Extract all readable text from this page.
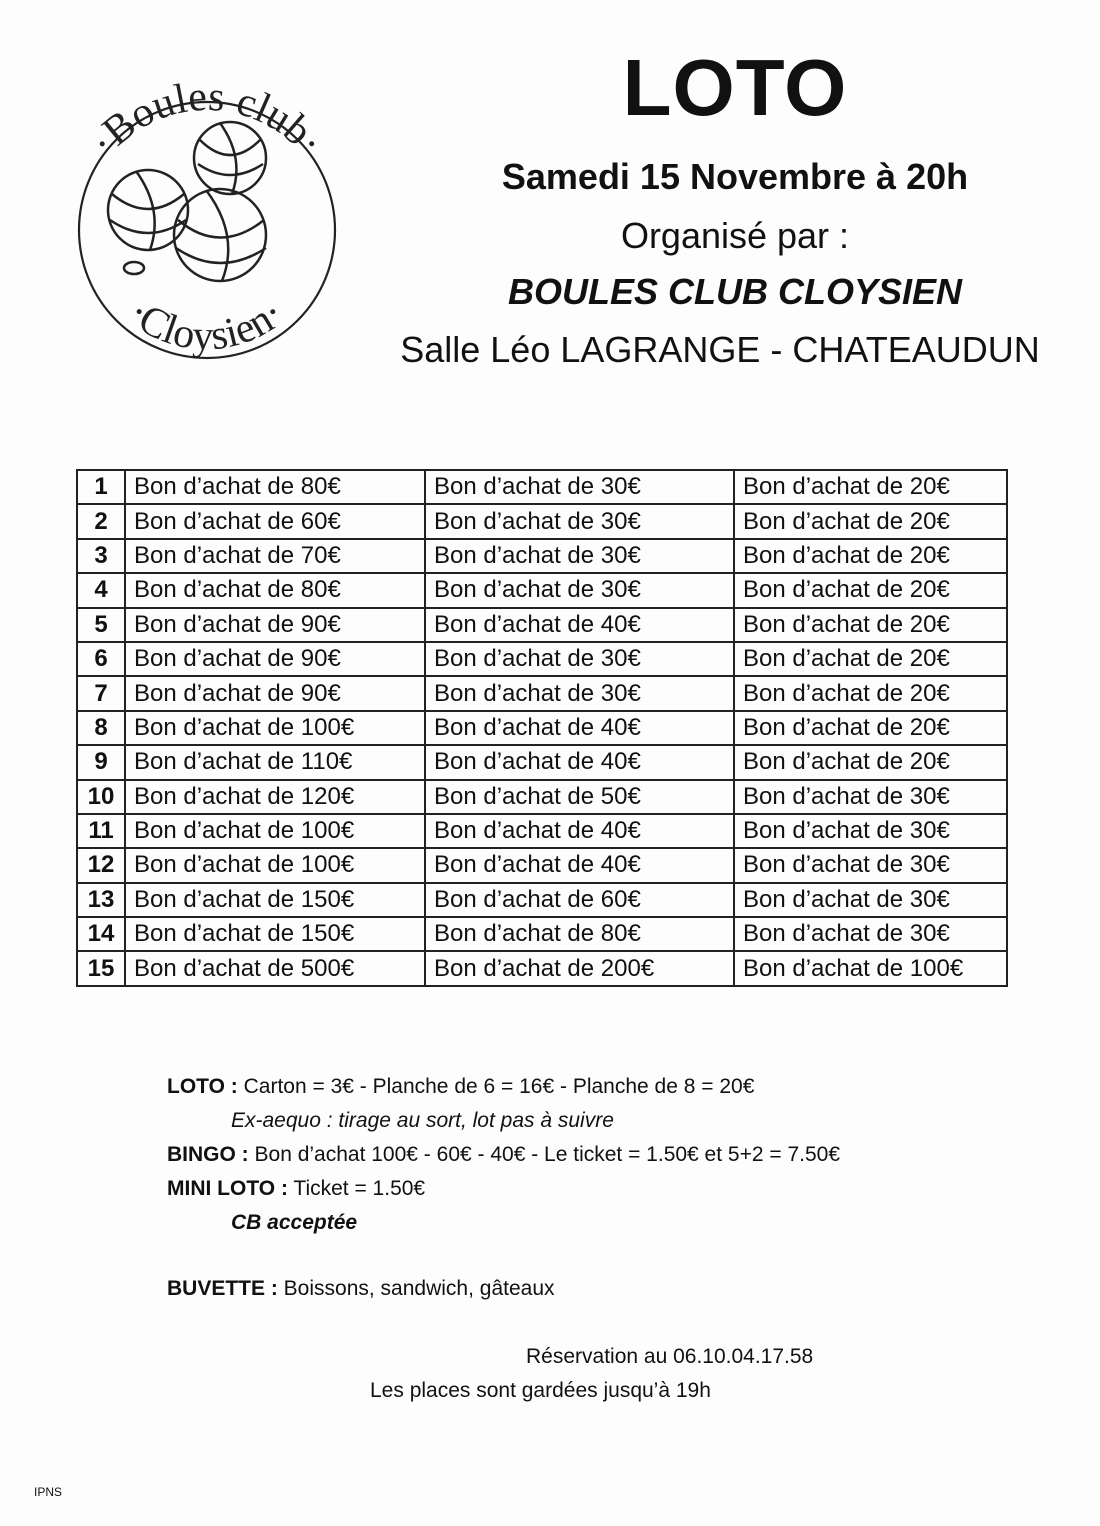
·Boules club·
·Cloysien·
LOTO
Samedi 15 Novembre à 20h
Organisé par :
BOULES CLUB CLOYSIEN
Salle Léo LAGRANGE - CHATEAUDUN
1	Bon d’achat de 80€	Bon d’achat de 30€	Bon d’achat de 20€
2	Bon d’achat de 60€	Bon d’achat de 30€	Bon d’achat de 20€
3	Bon d’achat de 70€	Bon d’achat de 30€	Bon d’achat de 20€
4	Bon d’achat de 80€	Bon d’achat de 30€	Bon d’achat de 20€
5	Bon d’achat de 90€	Bon d’achat de 40€	Bon d’achat de 20€
6	Bon d’achat de 90€	Bon d’achat de 30€	Bon d’achat de 20€
7	Bon d’achat de 90€	Bon d’achat de 30€	Bon d’achat de 20€
8	Bon d’achat de 100€	Bon d’achat de 40€	Bon d’achat de 20€
9	Bon d’achat de 110€	Bon d’achat de 40€	Bon d’achat de 20€
10	Bon d’achat de 120€	Bon d’achat de 50€	Bon d’achat de 30€
11	Bon d’achat de 100€	Bon d’achat de 40€	Bon d’achat de 30€
12	Bon d’achat de 100€	Bon d’achat de 40€	Bon d’achat de 30€
13	Bon d’achat de 150€	Bon d’achat de 60€	Bon d’achat de 30€
14	Bon d’achat de 150€	Bon d’achat de 80€	Bon d’achat de 30€
15	Bon d’achat de 500€	Bon d’achat de 200€	Bon d’achat de 100€
LOTO : Carton = 3€ - Planche de 6 = 16€ - Planche de 8 = 20€
Ex-aequo : tirage au sort, lot pas à suivre
BINGO : Bon d’achat 100€ - 60€ - 40€ - Le ticket = 1.50€ et 5+2 = 7.50€
MINI LOTO : Ticket = 1.50€
CB acceptée
BUVETTE : Boissons, sandwich, gâteaux
Réservation au 06.10.04.17.58
Les places sont gardées jusqu’à 19h
IPNS
